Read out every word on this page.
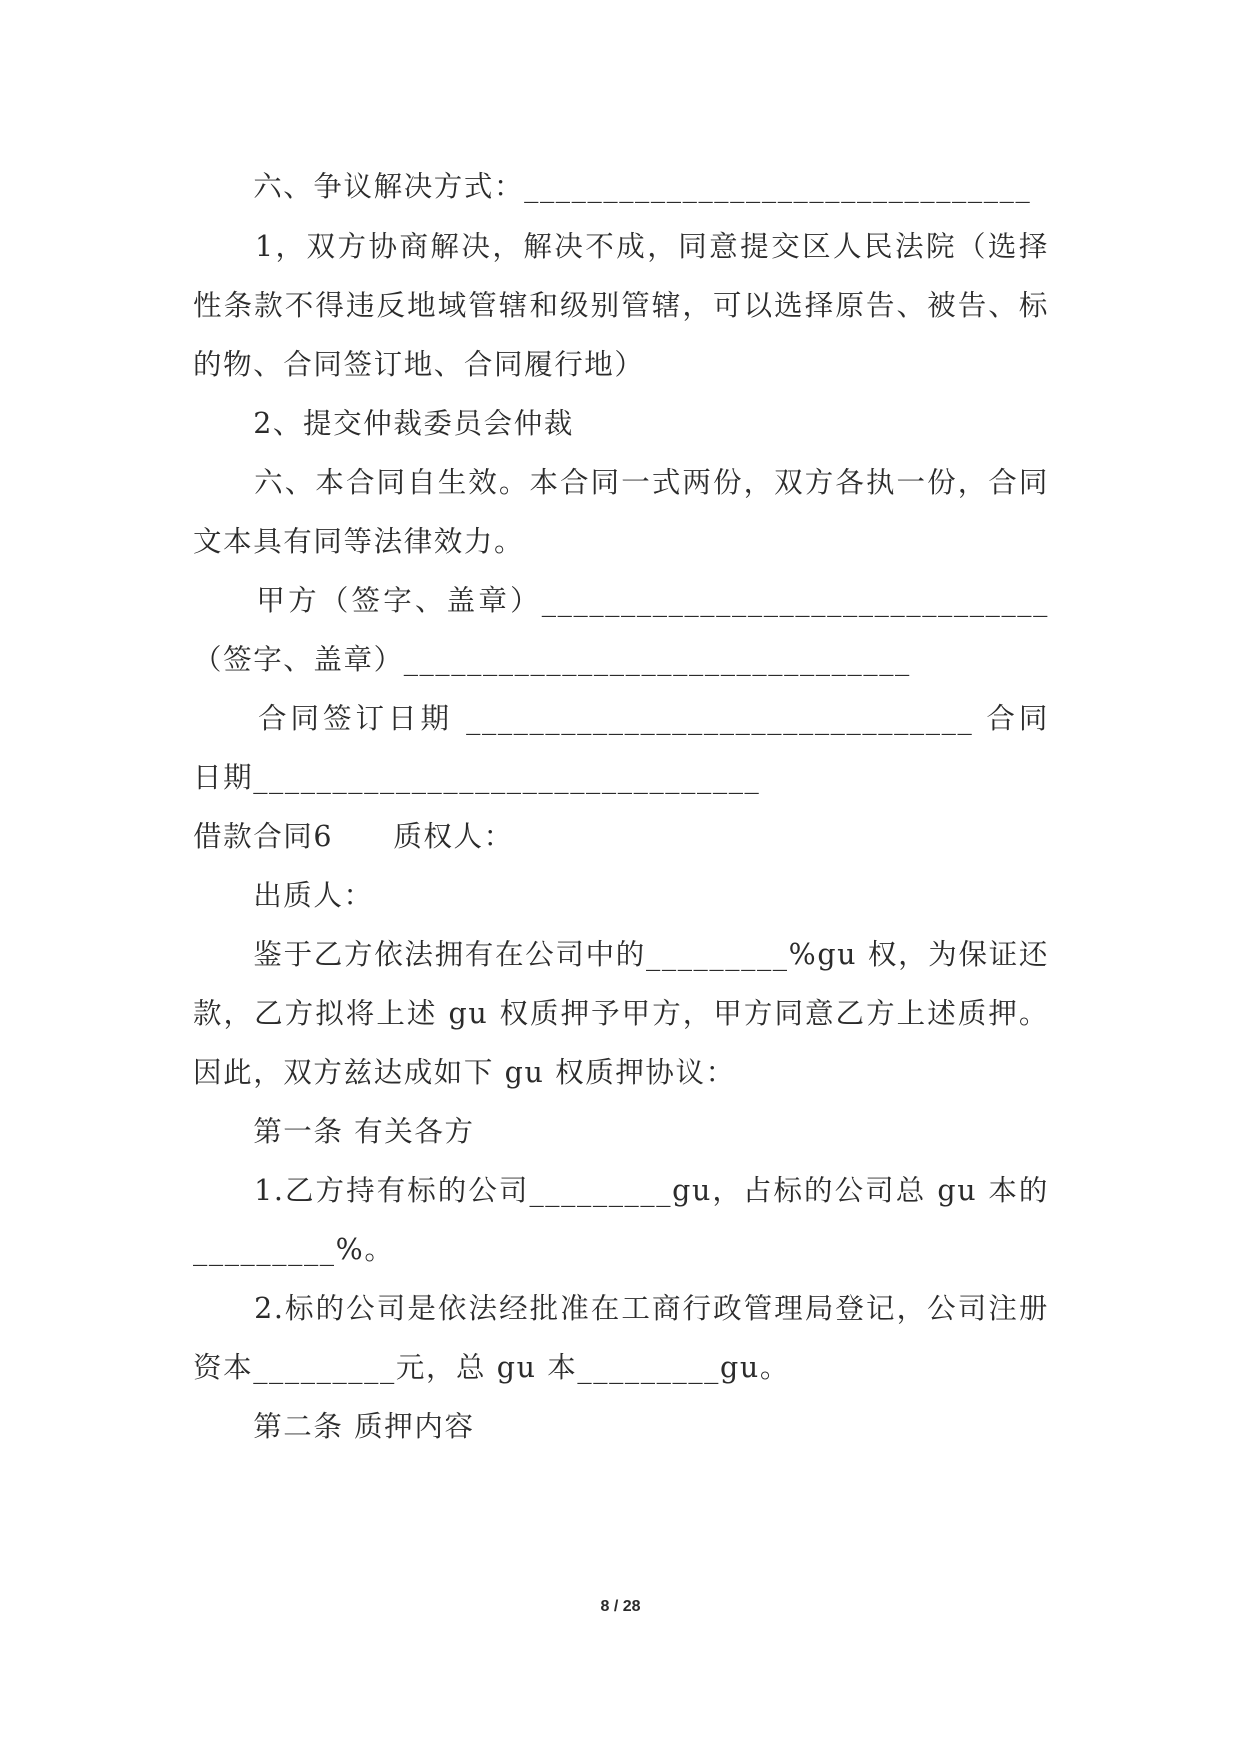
　　六、争议解决方式：________________________________
　　1，双方协商解决，解决不成，同意提交区人民法院（选择
性条款不得违反地域管辖和级别管辖，可以选择原告、被告、标
的物、合同签订地、合同履行地）
　　2、提交仲裁委员会仲裁
　　六、本合同自生效。本合同一式两份，双方各执一份，合同
文本具有同等法律效力。
　　甲方（签字、盖章）________________________________
（签字、盖章）________________________________
　　合同签订日期 ________________________________ 合同
日期________________________________
借款合同6　　质权人：
　　出质人：
　　鉴于乙方依法拥有在公司中的_________%gu 权，为保证还
款，乙方拟将上述 gu 权质押予甲方，甲方同意乙方上述质押。
因此，双方兹达成如下 gu 权质押协议：
　　第一条 有关各方
　　1.乙方持有标的公司_________gu，占标的公司总 gu 本的
_________%。
　　2.标的公司是依法经批准在工商行政管理局登记，公司注册
资本_________元，总 gu 本_________gu。
　　第二条 质押内容
8 / 28
